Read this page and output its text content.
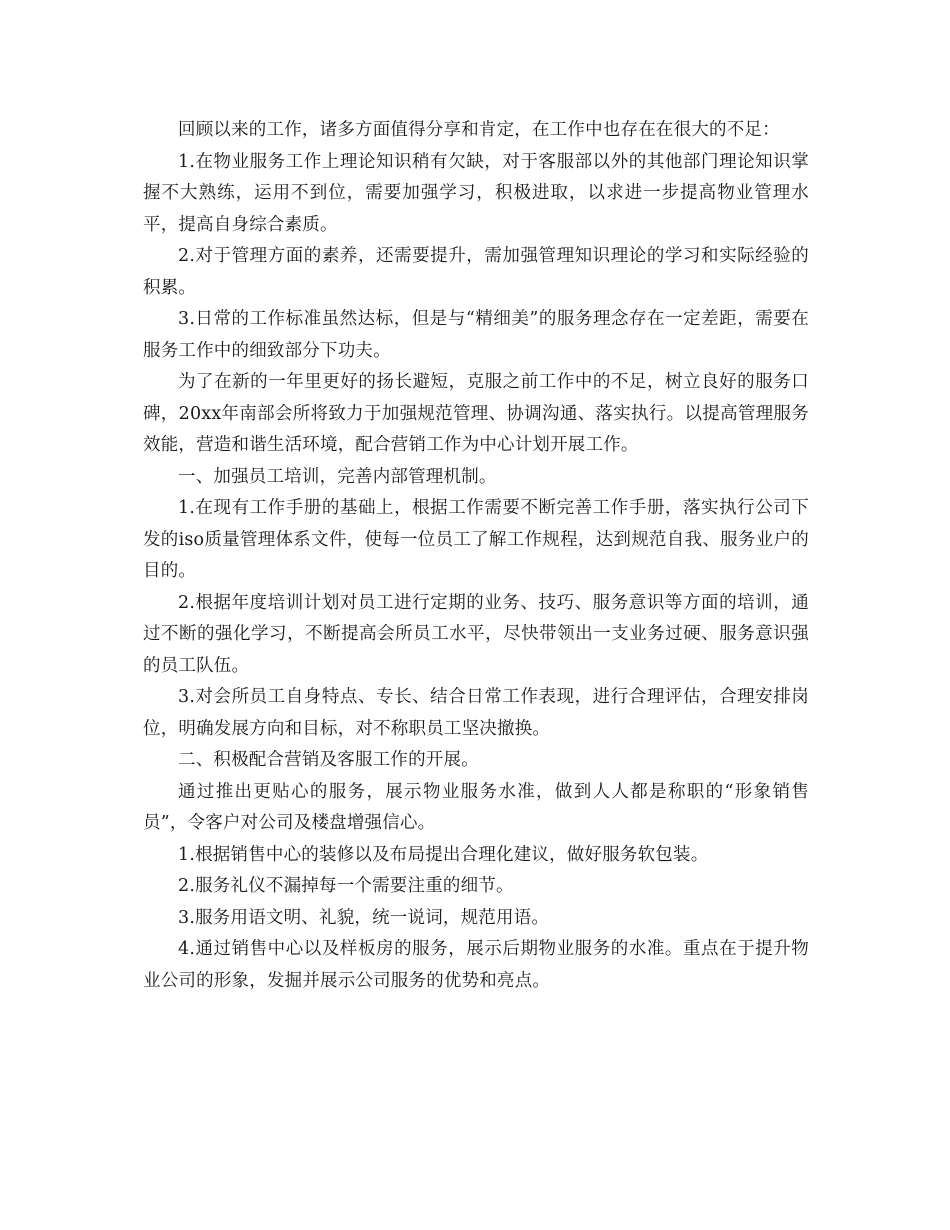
回顾以来的工作，诸多方面值得分享和肯定，在工作中也存在在很大的不足：

1.在物业服务工作上理论知识稍有欠缺，对于客服部以外的其他部门理论知识掌握不大熟练，运用不到位，需要加强学习，积极进取，以求进一步提高物业管理水平，提高自身综合素质。

2.对于管理方面的素养，还需要提升，需加强管理知识理论的学习和实际经验的积累。

3.日常的工作标准虽然达标，但是与“精细美”的服务理念存在一定差距，需要在服务工作中的细致部分下功夫。

为了在新的一年里更好的扬长避短，克服之前工作中的不足，树立良好的服务口碑，20xx年南部会所将致力于加强规范管理、协调沟通、落实执行。以提高管理服务效能，营造和谐生活环境，配合营销工作为中心计划开展工作。

一、加强员工培训，完善内部管理机制。

1.在现有工作手册的基础上，根据工作需要不断完善工作手册，落实执行公司下发的iso质量管理体系文件，使每一位员工了解工作规程，达到规范自我、服务业户的目的。

2.根据年度培训计划对员工进行定期的业务、技巧、服务意识等方面的培训，通过不断的强化学习，不断提高会所员工水平，尽快带领出一支业务过硬、服务意识强的员工队伍。

3.对会所员工自身特点、专长、结合日常工作表现，进行合理评估，合理安排岗位，明确发展方向和目标，对不称职员工坚决撤换。

二、积极配合营销及客服工作的开展。

通过推出更贴心的服务，展示物业服务水准，做到人人都是称职的“形象销售员”，令客户对公司及楼盘增强信心。

1.根据销售中心的装修以及布局提出合理化建议，做好服务软包装。

2.服务礼仪不漏掉每一个需要注重的细节。

3.服务用语文明、礼貌，统一说词，规范用语。

4.通过销售中心以及样板房的服务，展示后期物业服务的水准。重点在于提升物业公司的形象，发掘并展示公司服务的优势和亮点。
